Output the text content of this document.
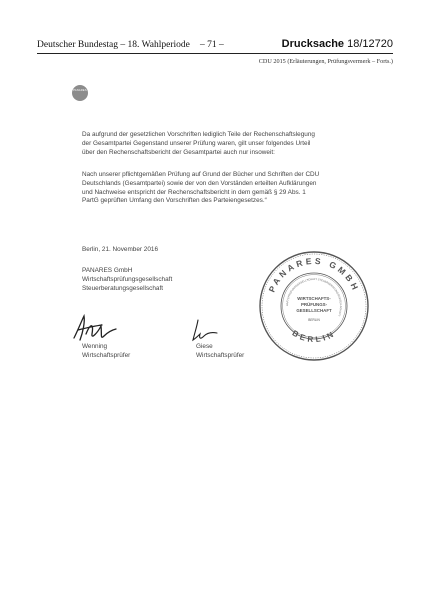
Deutscher Bundestag – 18. Wahlperiode – 71 –	Drucksache 18/12720
CDU 2015 (Erläuterungen, Prüfungsvermerk – Forts.)
PANARES

Da aufgrund der gesetzlichen Vorschriften lediglich Teile der Rechenschaftslegung

der Gesamtpartei Gegenstand unserer Prüfung waren, gilt unser folgendes Urteil

über den Rechenschaftsbericht der Gesamtpartei auch nur insoweit:

Nach unserer pflichtgemäßen Prüfung auf Grund der Bücher und Schriften der CDU

Deutschlands (Gesamtpartei) sowie der von den Vorständen erteilten Aufklärungen

und Nachweise entspricht der Rechenschaftsbericht in dem gemäß § 29 Abs. 1

PartG geprüften Umfang den Vorschriften des Parteiengesetzes.“

Berlin, 21. November 2016
PANARES GmbH
Wirtschaftsprüfungsgesellschaft
Steuerberatungsgesellschaft
Wenning
Wirtschaftsprüfer
Giese
Wirtschaftsprüfer
PANARES GMBH
BERLIN
HAFTSPRÜFUNGSGESELLSCHAFT STEUERBERATUNGSGESELLSCHAFT
WIRTSCHAFTS-
PRÜFUNGS-
GESELLSCHAFT
BERLIN
